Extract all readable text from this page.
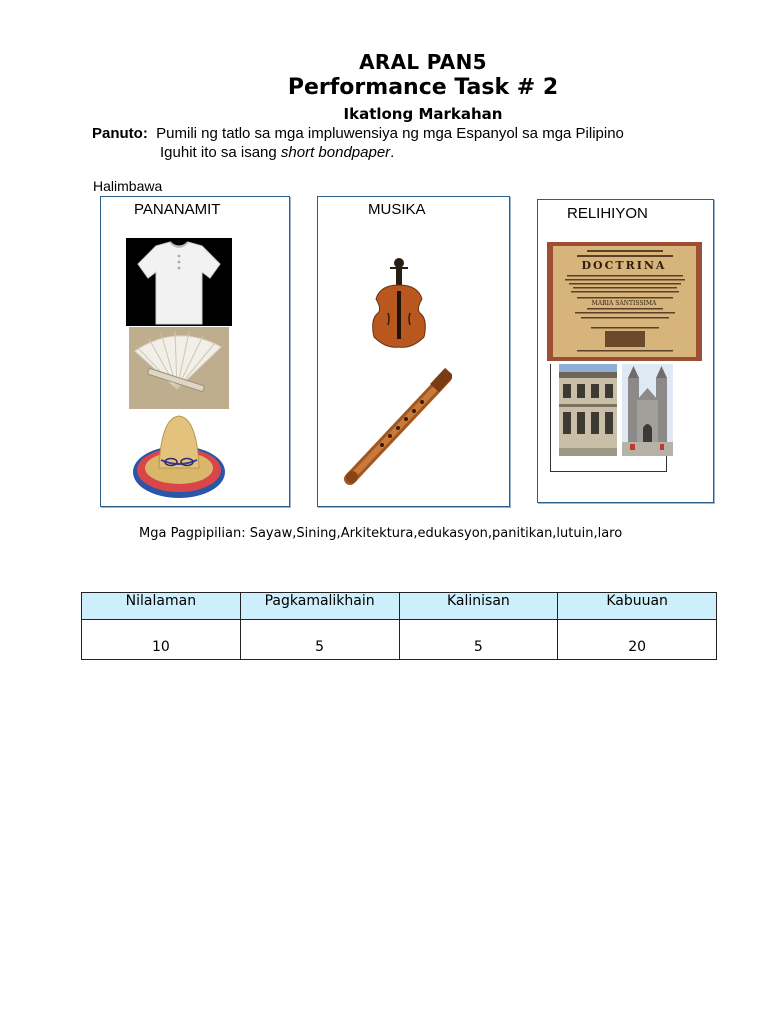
ARAL PAN5
Performance Task # 2
Ikatlong Markahan
Panuto: Pumili ng tatlo sa mga impluwensiya ng mga Espanyol sa mga Pilipino
Iguhit ito sa isang short bondpaper.
Halimbawa
PANANAMIT	MUSIKA	RELIHIYON
DOCTRINA
MARIA SANTISSIMA
Mga Pagpipilian: Sayaw,Sining,Arkitektura,edukasyon,panitikan,lutuin,laro
Nilalaman	Pagkamalikhain	Kalinisan	Kabuuan
10	5	5	20
